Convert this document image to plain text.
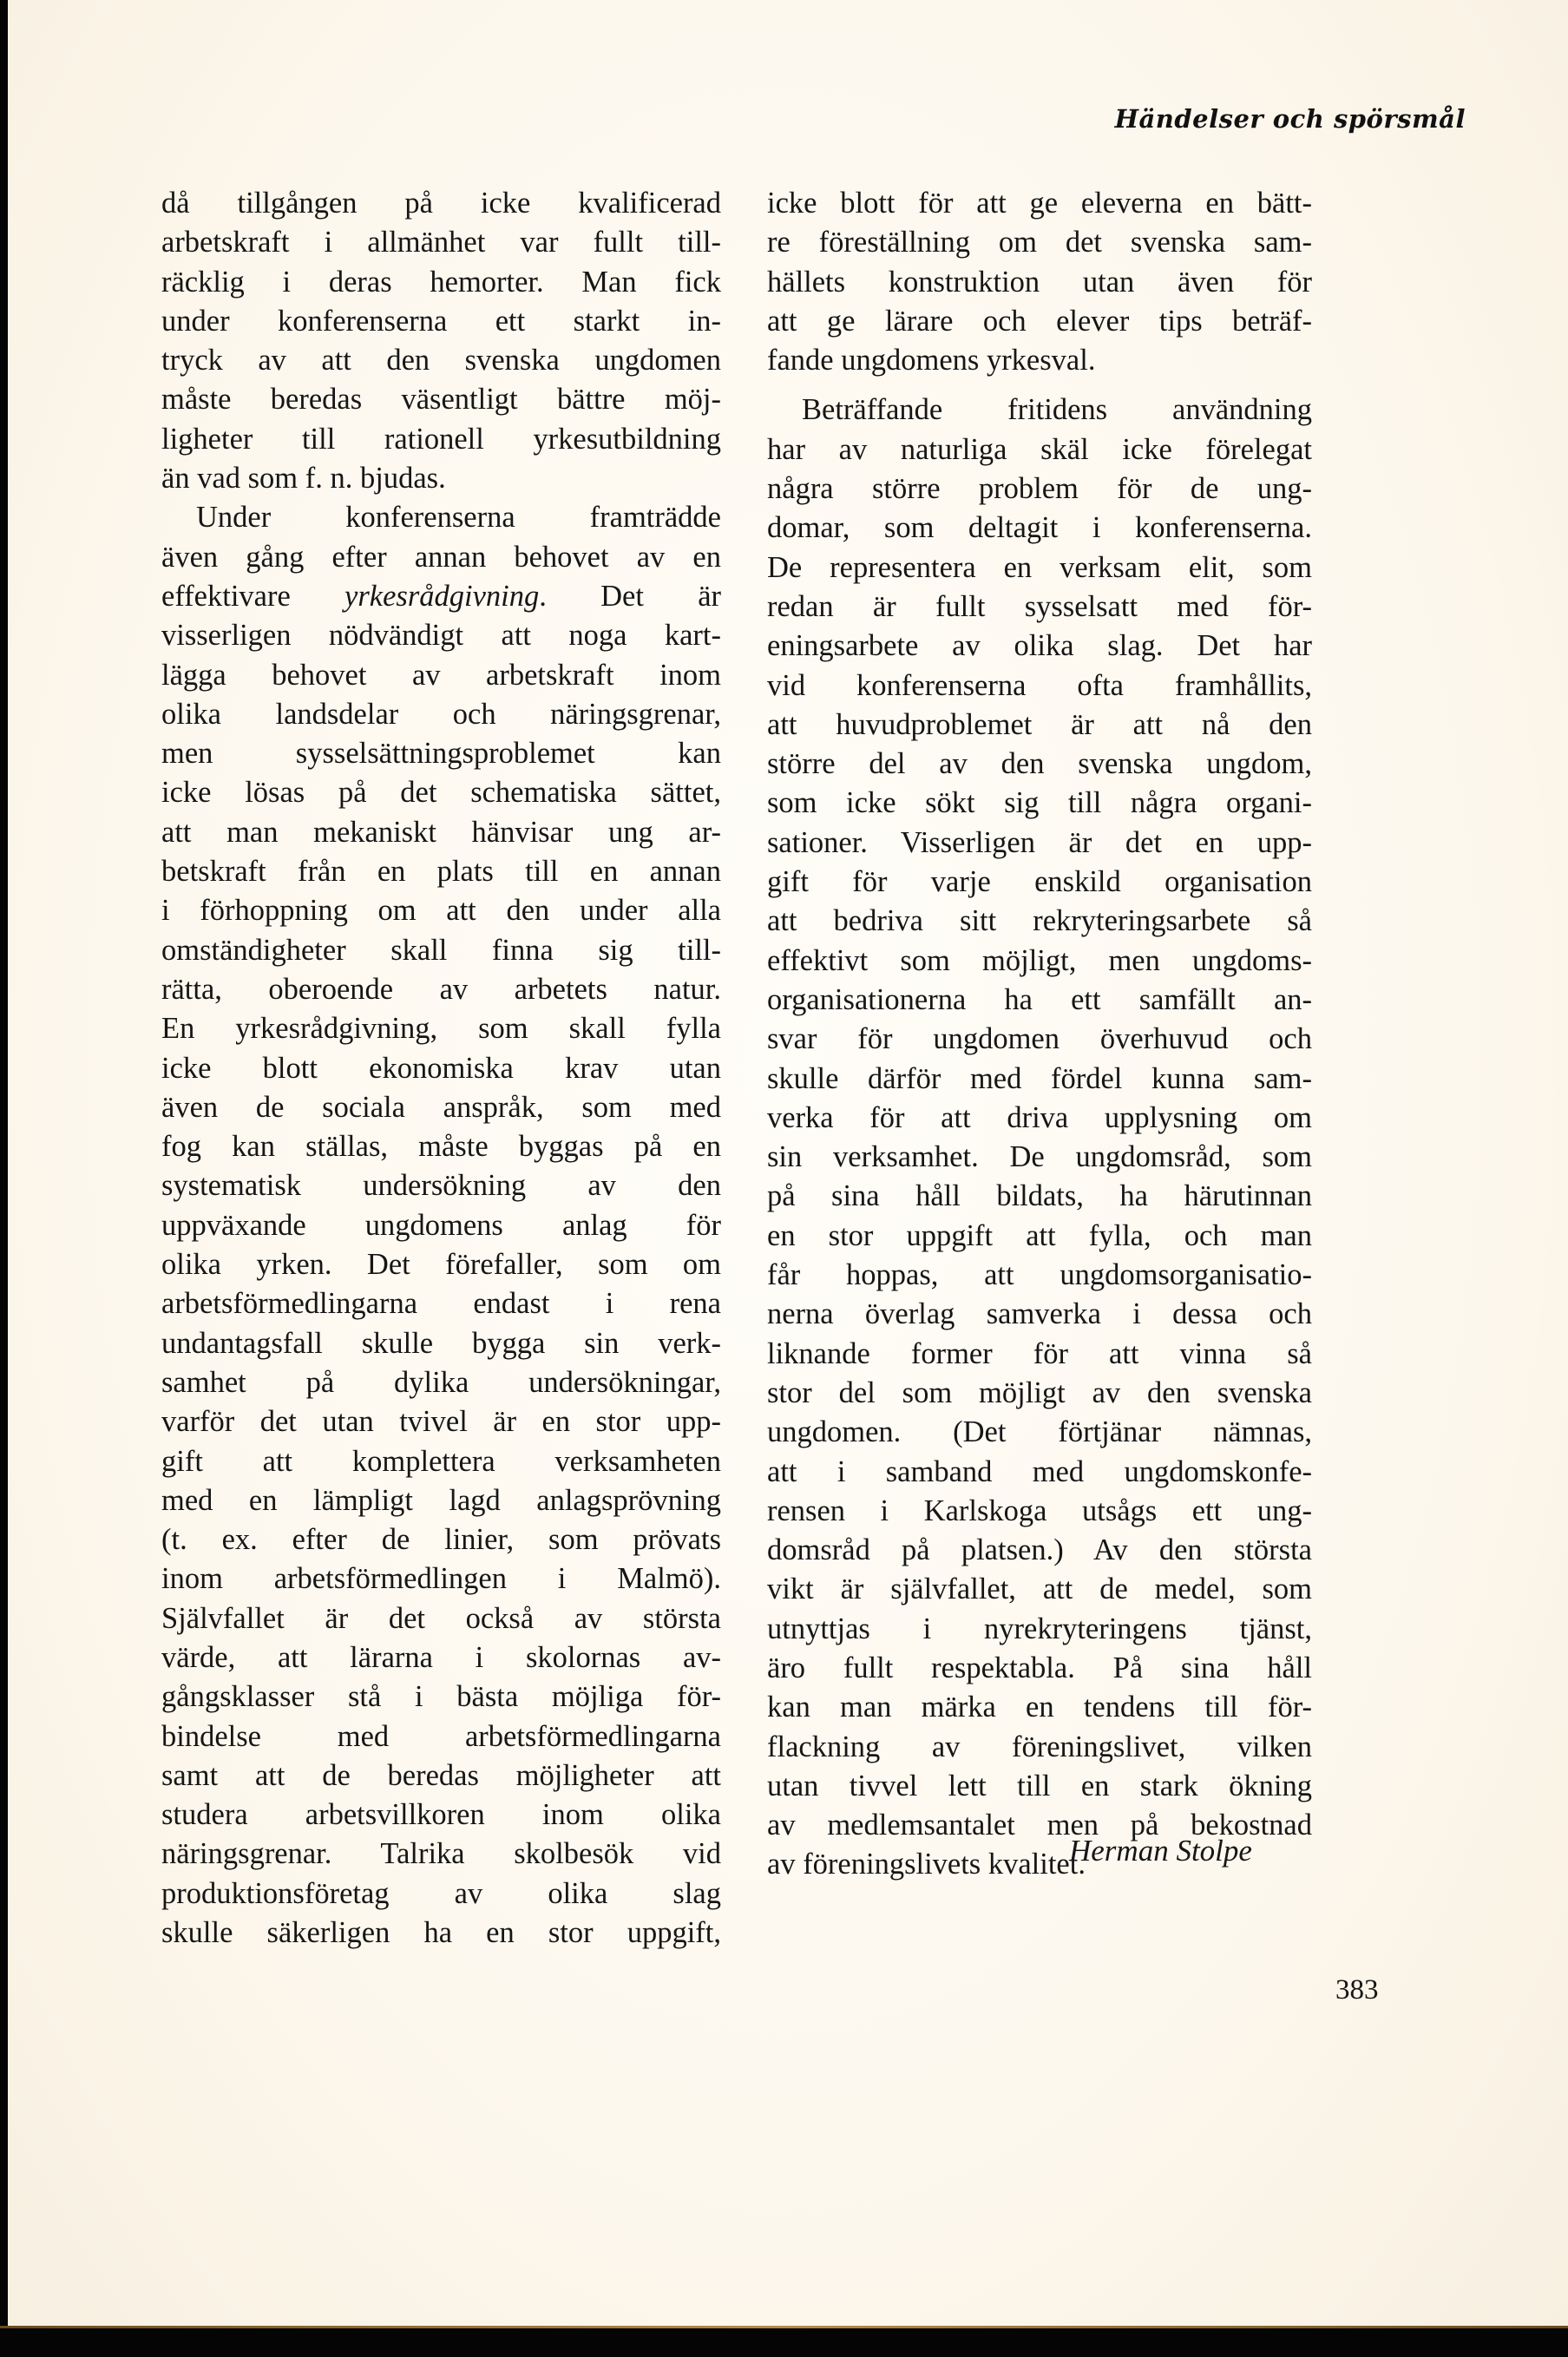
Händelser och spörsmål
då tillgången på icke kvalificerad
arbetskraft i allmänhet var fullt till-
räcklig i deras hemorter. Man fick
under konferenserna ett starkt in-
tryck av att den svenska ungdomen
måste beredas väsentligt bättre möj-
ligheter till rationell yrkesutbildning
än vad som f. n. bjudas.
Under konferenserna framträdde
även gång efter annan behovet av en
effektivare yrkesrådgivning. Det är
visserligen nödvändigt att noga kart-
lägga behovet av arbetskraft inom
olika landsdelar och näringsgrenar,
men sysselsättningsproblemet kan
icke lösas på det schematiska sättet,
att man mekaniskt hänvisar ung ar-
betskraft från en plats till en annan
i förhoppning om att den under alla
omständigheter skall finna sig till-
rätta, oberoende av arbetets natur.
En yrkesrådgivning, som skall fylla
icke blott ekonomiska krav utan
även de sociala anspråk, som med
fog kan ställas, måste byggas på en
systematisk undersökning av den
uppväxande ungdomens anlag för
olika yrken. Det förefaller, som om
arbetsförmedlingarna endast i rena
undantagsfall skulle bygga sin verk-
samhet på dylika undersökningar,
varför det utan tvivel är en stor upp-
gift att komplettera verksamheten
med en lämpligt lagd anlagsprövning
(t. ex. efter de linier, som prövats
inom arbetsförmedlingen i Malmö).
Självfallet är det också av största
värde, att lärarna i skolornas av-
gångsklasser stå i bästa möjliga för-
bindelse med arbetsförmedlingarna
samt att de beredas möjligheter att
studera arbetsvillkoren inom olika
näringsgrenar. Talrika skolbesök vid
produktionsföretag av olika slag
skulle säkerligen ha en stor uppgift,
icke blott för att ge eleverna en bätt-
re föreställning om det svenska sam-
hällets konstruktion utan även för
att ge lärare och elever tips beträf-
fande ungdomens yrkesval.
Beträffande fritidens användning
har av naturliga skäl icke förelegat
några större problem för de ung-
domar, som deltagit i konferenserna.
De representera en verksam elit, som
redan är fullt sysselsatt med för-
eningsarbete av olika slag. Det har
vid konferenserna ofta framhållits,
att huvudproblemet är att nå den
större del av den svenska ungdom,
som icke sökt sig till några organi-
sationer. Visserligen är det en upp-
gift för varje enskild organisation
att bedriva sitt rekryteringsarbete så
effektivt som möjligt, men ungdoms-
organisationerna ha ett samfällt an-
svar för ungdomen överhuvud och
skulle därför med fördel kunna sam-
verka för att driva upplysning om
sin verksamhet. De ungdomsråd, som
på sina håll bildats, ha härutinnan
en stor uppgift att fylla, och man
får hoppas, att ungdomsorganisatio-
nerna överlag samverka i dessa och
liknande former för att vinna så
stor del som möjligt av den svenska
ungdomen. (Det förtjänar nämnas,
att i samband med ungdomskonfe-
rensen i Karlskoga utsågs ett ung-
domsråd på platsen.) Av den största
vikt är självfallet, att de medel, som
utnyttjas i nyrekryteringens tjänst,
äro fullt respektabla. På sina håll
kan man märka en tendens till för-
flackning av föreningslivet, vilken
utan tivvel lett till en stark ökning
av medlemsantalet men på bekostnad
av föreningslivets kvalitet.
Herman Stolpe
383
